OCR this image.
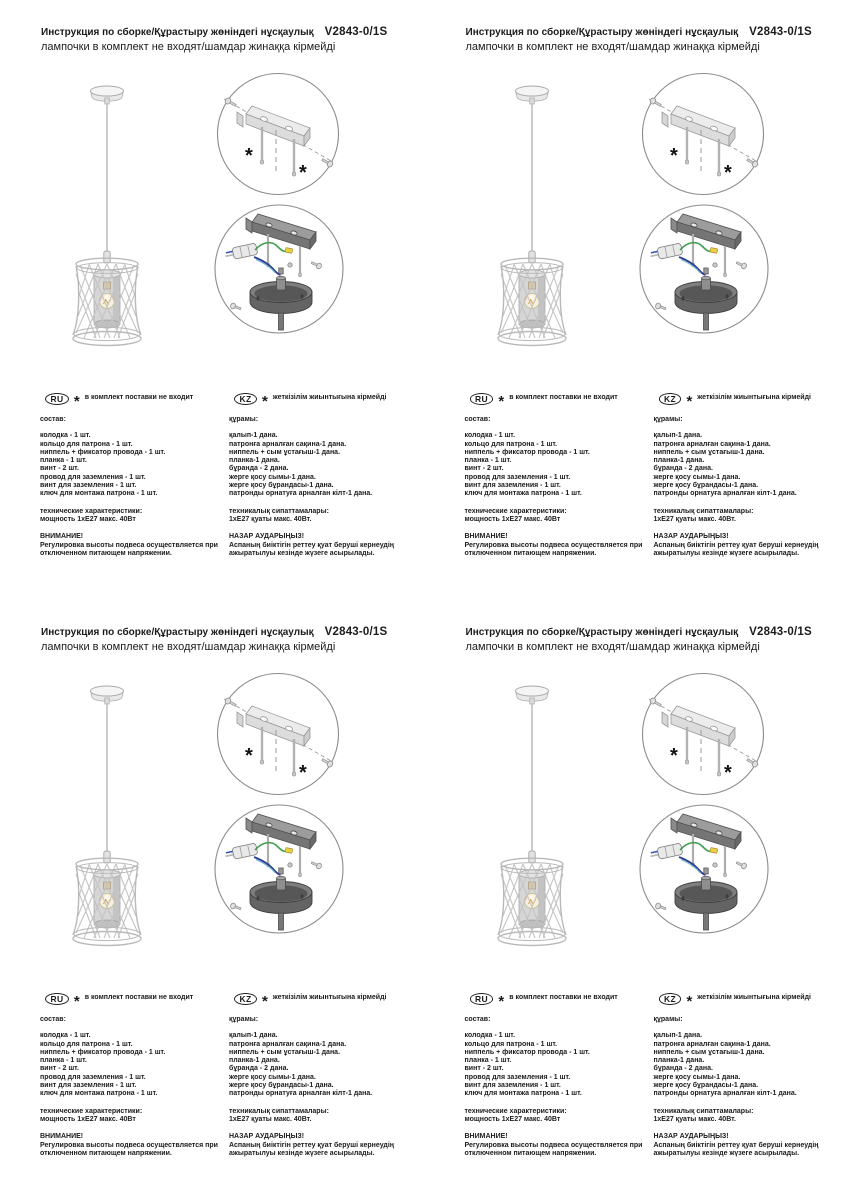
Инструкция по сборке/Құрастыру жөніндегі нұсқаулық V2843-0/1S
лампочки в комплект не входят/шамдар жинаққа кірмейді
*
*
RU * в комплект поставки не входит
состав:
колодка - 1 шт.
кольцо для патрона - 1 шт.
ниппель + фиксатор провода - 1 шт.
планка - 1 шт.
винт - 2 шт.
провод для заземления - 1 шт.
винт для заземления - 1 шт.
ключ для монтажа патрона - 1 шт.
технические характеристики:
мощность 1хЕ27 макс. 40Вт
ВНИМАНИЕ!
Регулировка высоты подвеса осуществляется при отключенном питающем напряжении.
KZ * жеткізілім жиынтығына кірмейді
құрамы:
қалып-1 дана.
патронға арналған сақина-1 дана.
ниппель + сым ұстағыш-1 дана.
планка-1 дана.
бұранда - 2 дана.
жерге қосу сымы-1 дана.
жерге қосу бұрандасы-1 дана.
патронды орнатуға арналған кілт-1 дана.
техникалық сипаттамалары:
1хЕ27 қуаты макс. 40Вт.
НАЗАР АУДАРЫҢЫЗ!
Аспаның биіктігін реттеу қуат беруші кернеудің ажыратылуы кезінде жүзеге асырылады.
Инструкция по сборке/Құрастыру жөніндегі нұсқаулық V2843-0/1S
лампочки в комплект не входят/шамдар жинаққа кірмейді
*
*
RU * в комплект поставки не входит
состав:
колодка - 1 шт.
кольцо для патрона - 1 шт.
ниппель + фиксатор провода - 1 шт.
планка - 1 шт.
винт - 2 шт.
провод для заземления - 1 шт.
винт для заземления - 1 шт.
ключ для монтажа патрона - 1 шт.
технические характеристики:
мощность 1хЕ27 макс. 40Вт
ВНИМАНИЕ!
Регулировка высоты подвеса осуществляется при отключенном питающем напряжении.
KZ * жеткізілім жиынтығына кірмейді
құрамы:
қалып-1 дана.
патронға арналған сақина-1 дана.
ниппель + сым ұстағыш-1 дана.
планка-1 дана.
бұранда - 2 дана.
жерге қосу сымы-1 дана.
жерге қосу бұрандасы-1 дана.
патронды орнатуға арналған кілт-1 дана.
техникалық сипаттамалары:
1хЕ27 қуаты макс. 40Вт.
НАЗАР АУДАРЫҢЫЗ!
Аспаның биіктігін реттеу қуат беруші кернеудің ажыратылуы кезінде жүзеге асырылады.
Инструкция по сборке/Құрастыру жөніндегі нұсқаулық V2843-0/1S
лампочки в комплект не входят/шамдар жинаққа кірмейді
*
*
RU * в комплект поставки не входит
состав:
колодка - 1 шт.
кольцо для патрона - 1 шт.
ниппель + фиксатор провода - 1 шт.
планка - 1 шт.
винт - 2 шт.
провод для заземления - 1 шт.
винт для заземления - 1 шт.
ключ для монтажа патрона - 1 шт.
технические характеристики:
мощность 1хЕ27 макс. 40Вт
ВНИМАНИЕ!
Регулировка высоты подвеса осуществляется при отключенном питающем напряжении.
KZ * жеткізілім жиынтығына кірмейді
құрамы:
қалып-1 дана.
патронға арналған сақина-1 дана.
ниппель + сым ұстағыш-1 дана.
планка-1 дана.
бұранда - 2 дана.
жерге қосу сымы-1 дана.
жерге қосу бұрандасы-1 дана.
патронды орнатуға арналған кілт-1 дана.
техникалық сипаттамалары:
1хЕ27 қуаты макс. 40Вт.
НАЗАР АУДАРЫҢЫЗ!
Аспаның биіктігін реттеу қуат беруші кернеудің ажыратылуы кезінде жүзеге асырылады.
Инструкция по сборке/Құрастыру жөніндегі нұсқаулық V2843-0/1S
лампочки в комплект не входят/шамдар жинаққа кірмейді
*
*
RU * в комплект поставки не входит
состав:
колодка - 1 шт.
кольцо для патрона - 1 шт.
ниппель + фиксатор провода - 1 шт.
планка - 1 шт.
винт - 2 шт.
провод для заземления - 1 шт.
винт для заземления - 1 шт.
ключ для монтажа патрона - 1 шт.
технические характеристики:
мощность 1хЕ27 макс. 40Вт
ВНИМАНИЕ!
Регулировка высоты подвеса осуществляется при отключенном питающем напряжении.
KZ * жеткізілім жиынтығына кірмейді
құрамы:
қалып-1 дана.
патронға арналған сақина-1 дана.
ниппель + сым ұстағыш-1 дана.
планка-1 дана.
бұранда - 2 дана.
жерге қосу сымы-1 дана.
жерге қосу бұрандасы-1 дана.
патронды орнатуға арналған кілт-1 дана.
техникалық сипаттамалары:
1хЕ27 қуаты макс. 40Вт.
НАЗАР АУДАРЫҢЫЗ!
Аспаның биіктігін реттеу қуат беруші кернеудің ажыратылуы кезінде жүзеге асырылады.
